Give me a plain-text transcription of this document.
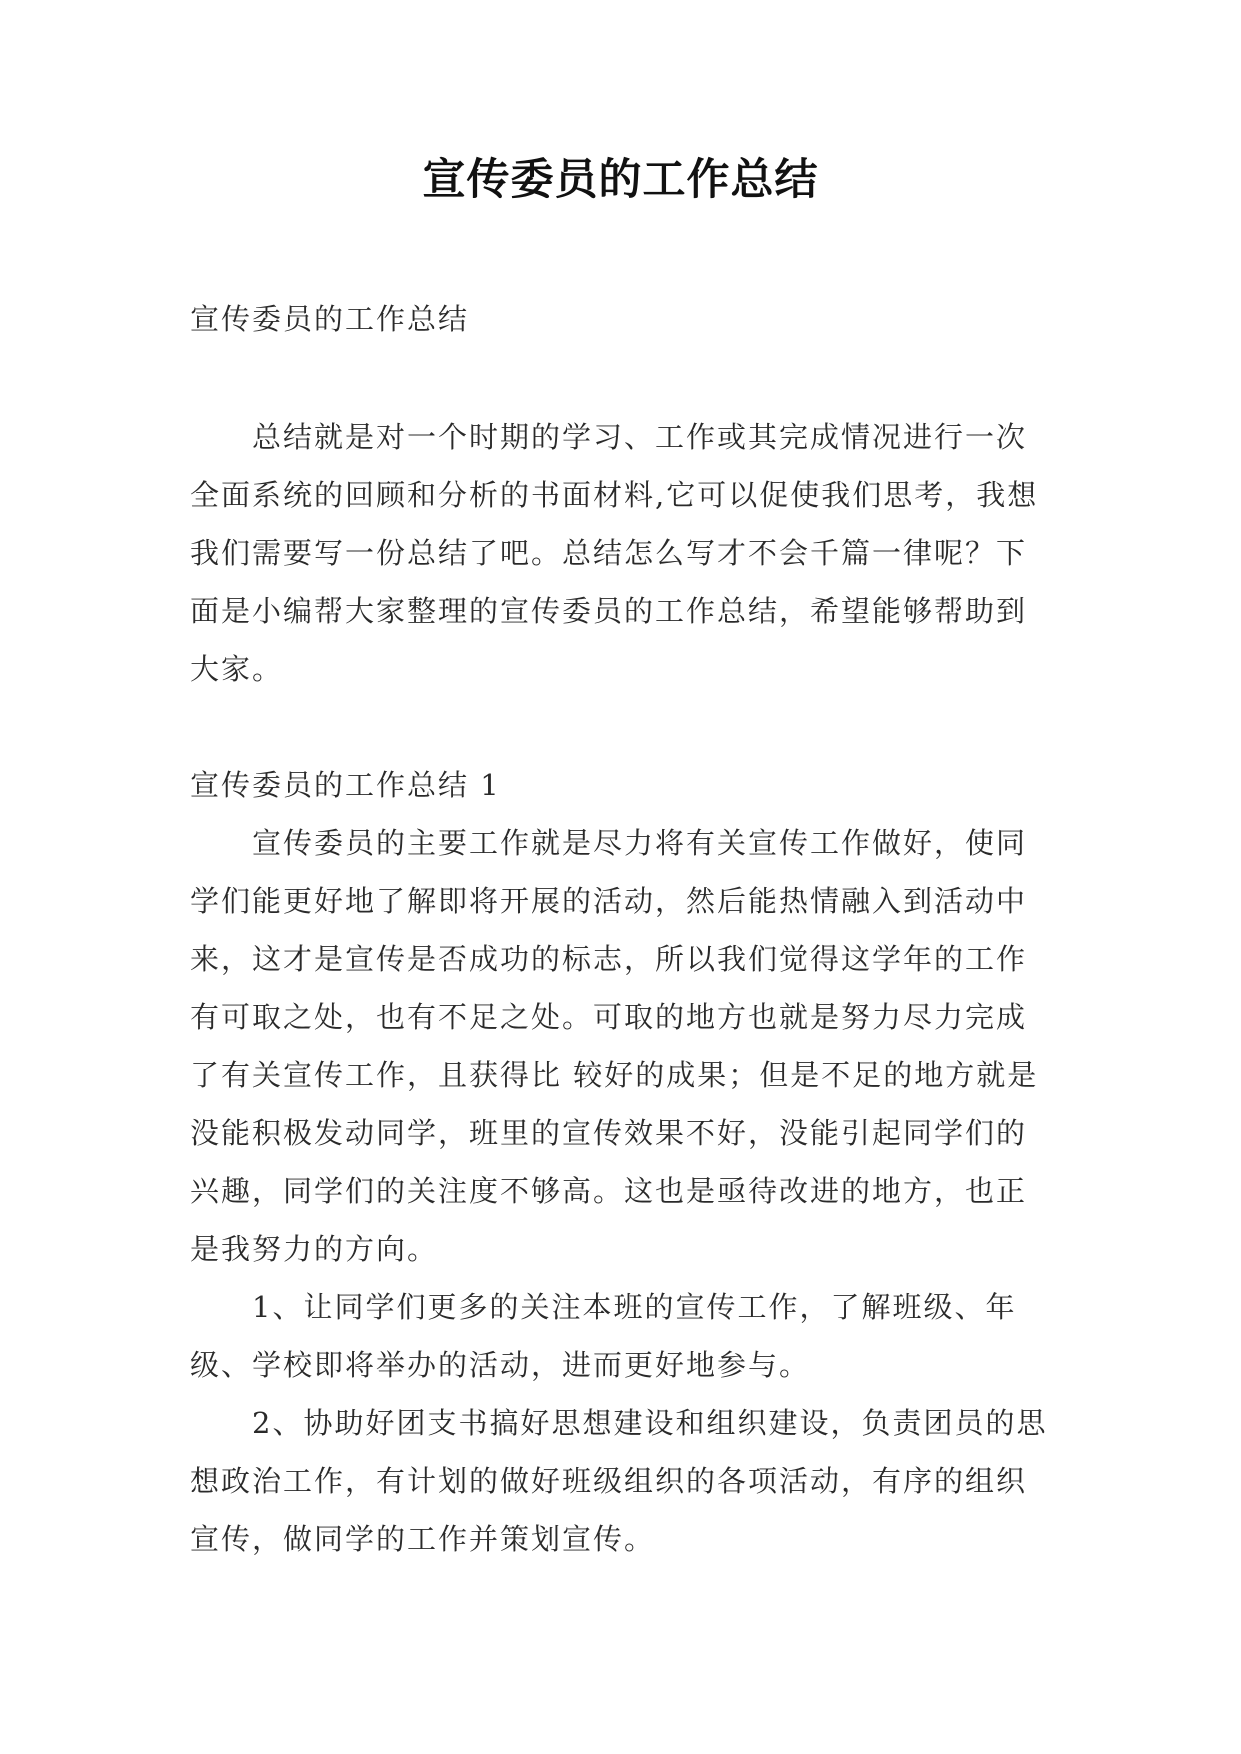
宣传委员的工作总结
宣传委员的工作总结

总结就是对一个时期的学习、工作或其完成情况进行一次全面系统的回顾和分析的书面材料,它可以促使我们思考，我想我们需要写一份总结了吧。总结怎么写才不会千篇一律呢？下面是小编帮大家整理的宣传委员的工作总结，希望能够帮助到大家。

宣传委员的工作总结 1

宣传委员的主要工作就是尽力将有关宣传工作做好，使同学们能更好地了解即将开展的活动，然后能热情融入到活动中来，这才是宣传是否成功的标志，所以我们觉得这学年的工作有可取之处，也有不足之处。可取的地方也就是努力尽力完成了有关宣传工作，且获得比 较好的成果；但是不足的地方就是没能积极发动同学，班里的宣传效果不好，没能引起同学们的兴趣，同学们的关注度不够高。这也是亟待改进的地方，也正是我努力的方向。

1、让同学们更多的关注本班的宣传工作，了解班级、年级、学校即将举办的活动，进而更好地参与。

2、协助好团支书搞好思想建设和组织建设，负责团员的思想政治工作，有计划的做好班级组织的各项活动，有序的组织宣传，做同学的工作并策划宣传。
